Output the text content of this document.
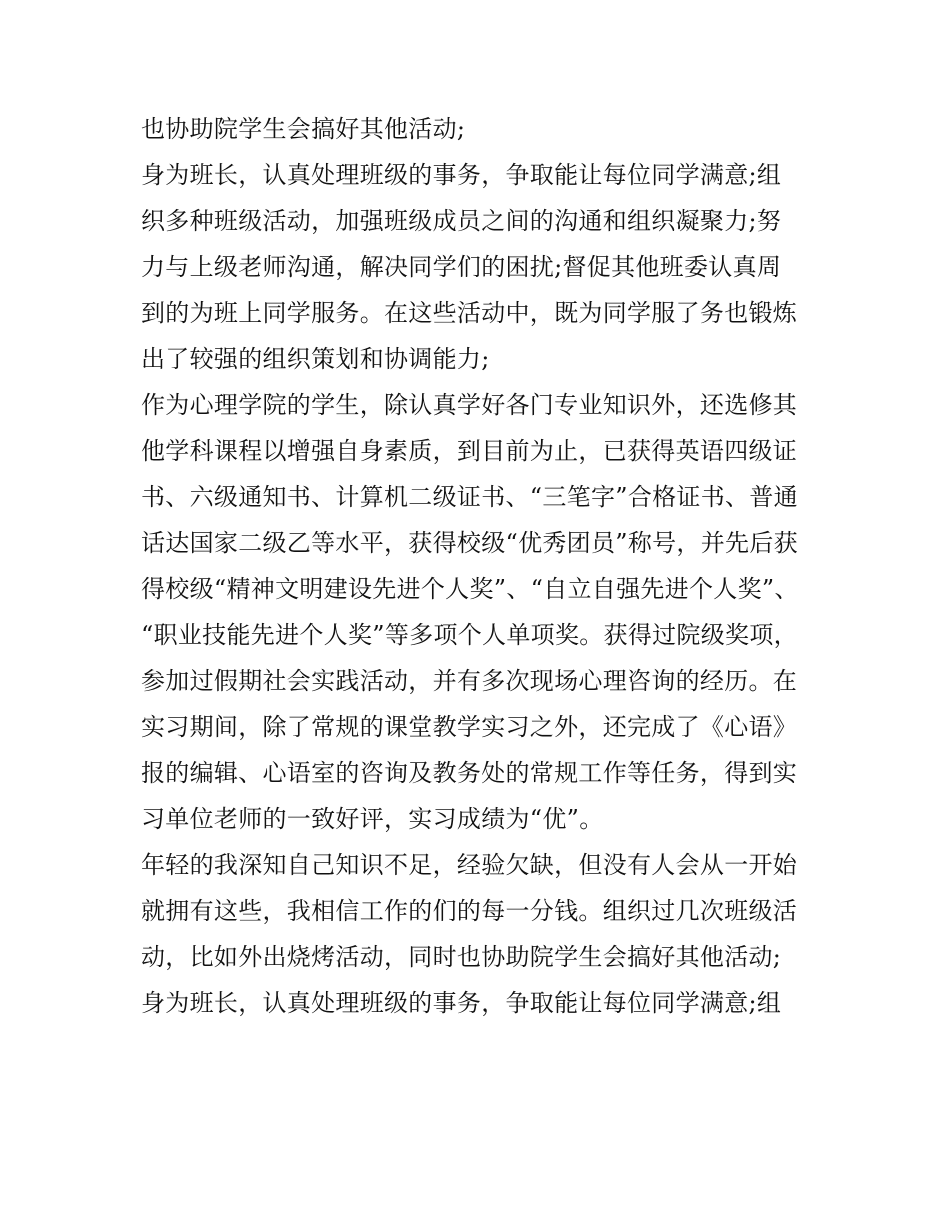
也协助院学生会搞好其他活动;
身为班长，认真处理班级的事务，争取能让每位同学满意;组
织多种班级活动，加强班级成员之间的沟通和组织凝聚力;努
力与上级老师沟通，解决同学们的困扰;督促其他班委认真周
到的为班上同学服务。在这些活动中，既为同学服了务也锻炼
出了较强的组织策划和协调能力;
作为心理学院的学生，除认真学好各门专业知识外，还选修其
他学科课程以增强自身素质，到目前为止，已获得英语四级证
书、六级通知书、计算机二级证书、“三笔字”合格证书、普通
话达国家二级乙等水平，获得校级“优秀团员”称号，并先后获
得校级“精神文明建设先进个人奖”、“自立自强先进个人奖”、
“职业技能先进个人奖”等多项个人单项奖。获得过院级奖项，
参加过假期社会实践活动，并有多次现场心理咨询的经历。在
实习期间，除了常规的课堂教学实习之外，还完成了《心语》
报的编辑、心语室的咨询及教务处的常规工作等任务，得到实
习单位老师的一致好评，实习成绩为“优”。
年轻的我深知自己知识不足，经验欠缺，但没有人会从一开始
就拥有这些，我相信工作的们的每一分钱。组织过几次班级活
动，比如外出烧烤活动，同时也协助院学生会搞好其他活动;
身为班长，认真处理班级的事务，争取能让每位同学满意;组
